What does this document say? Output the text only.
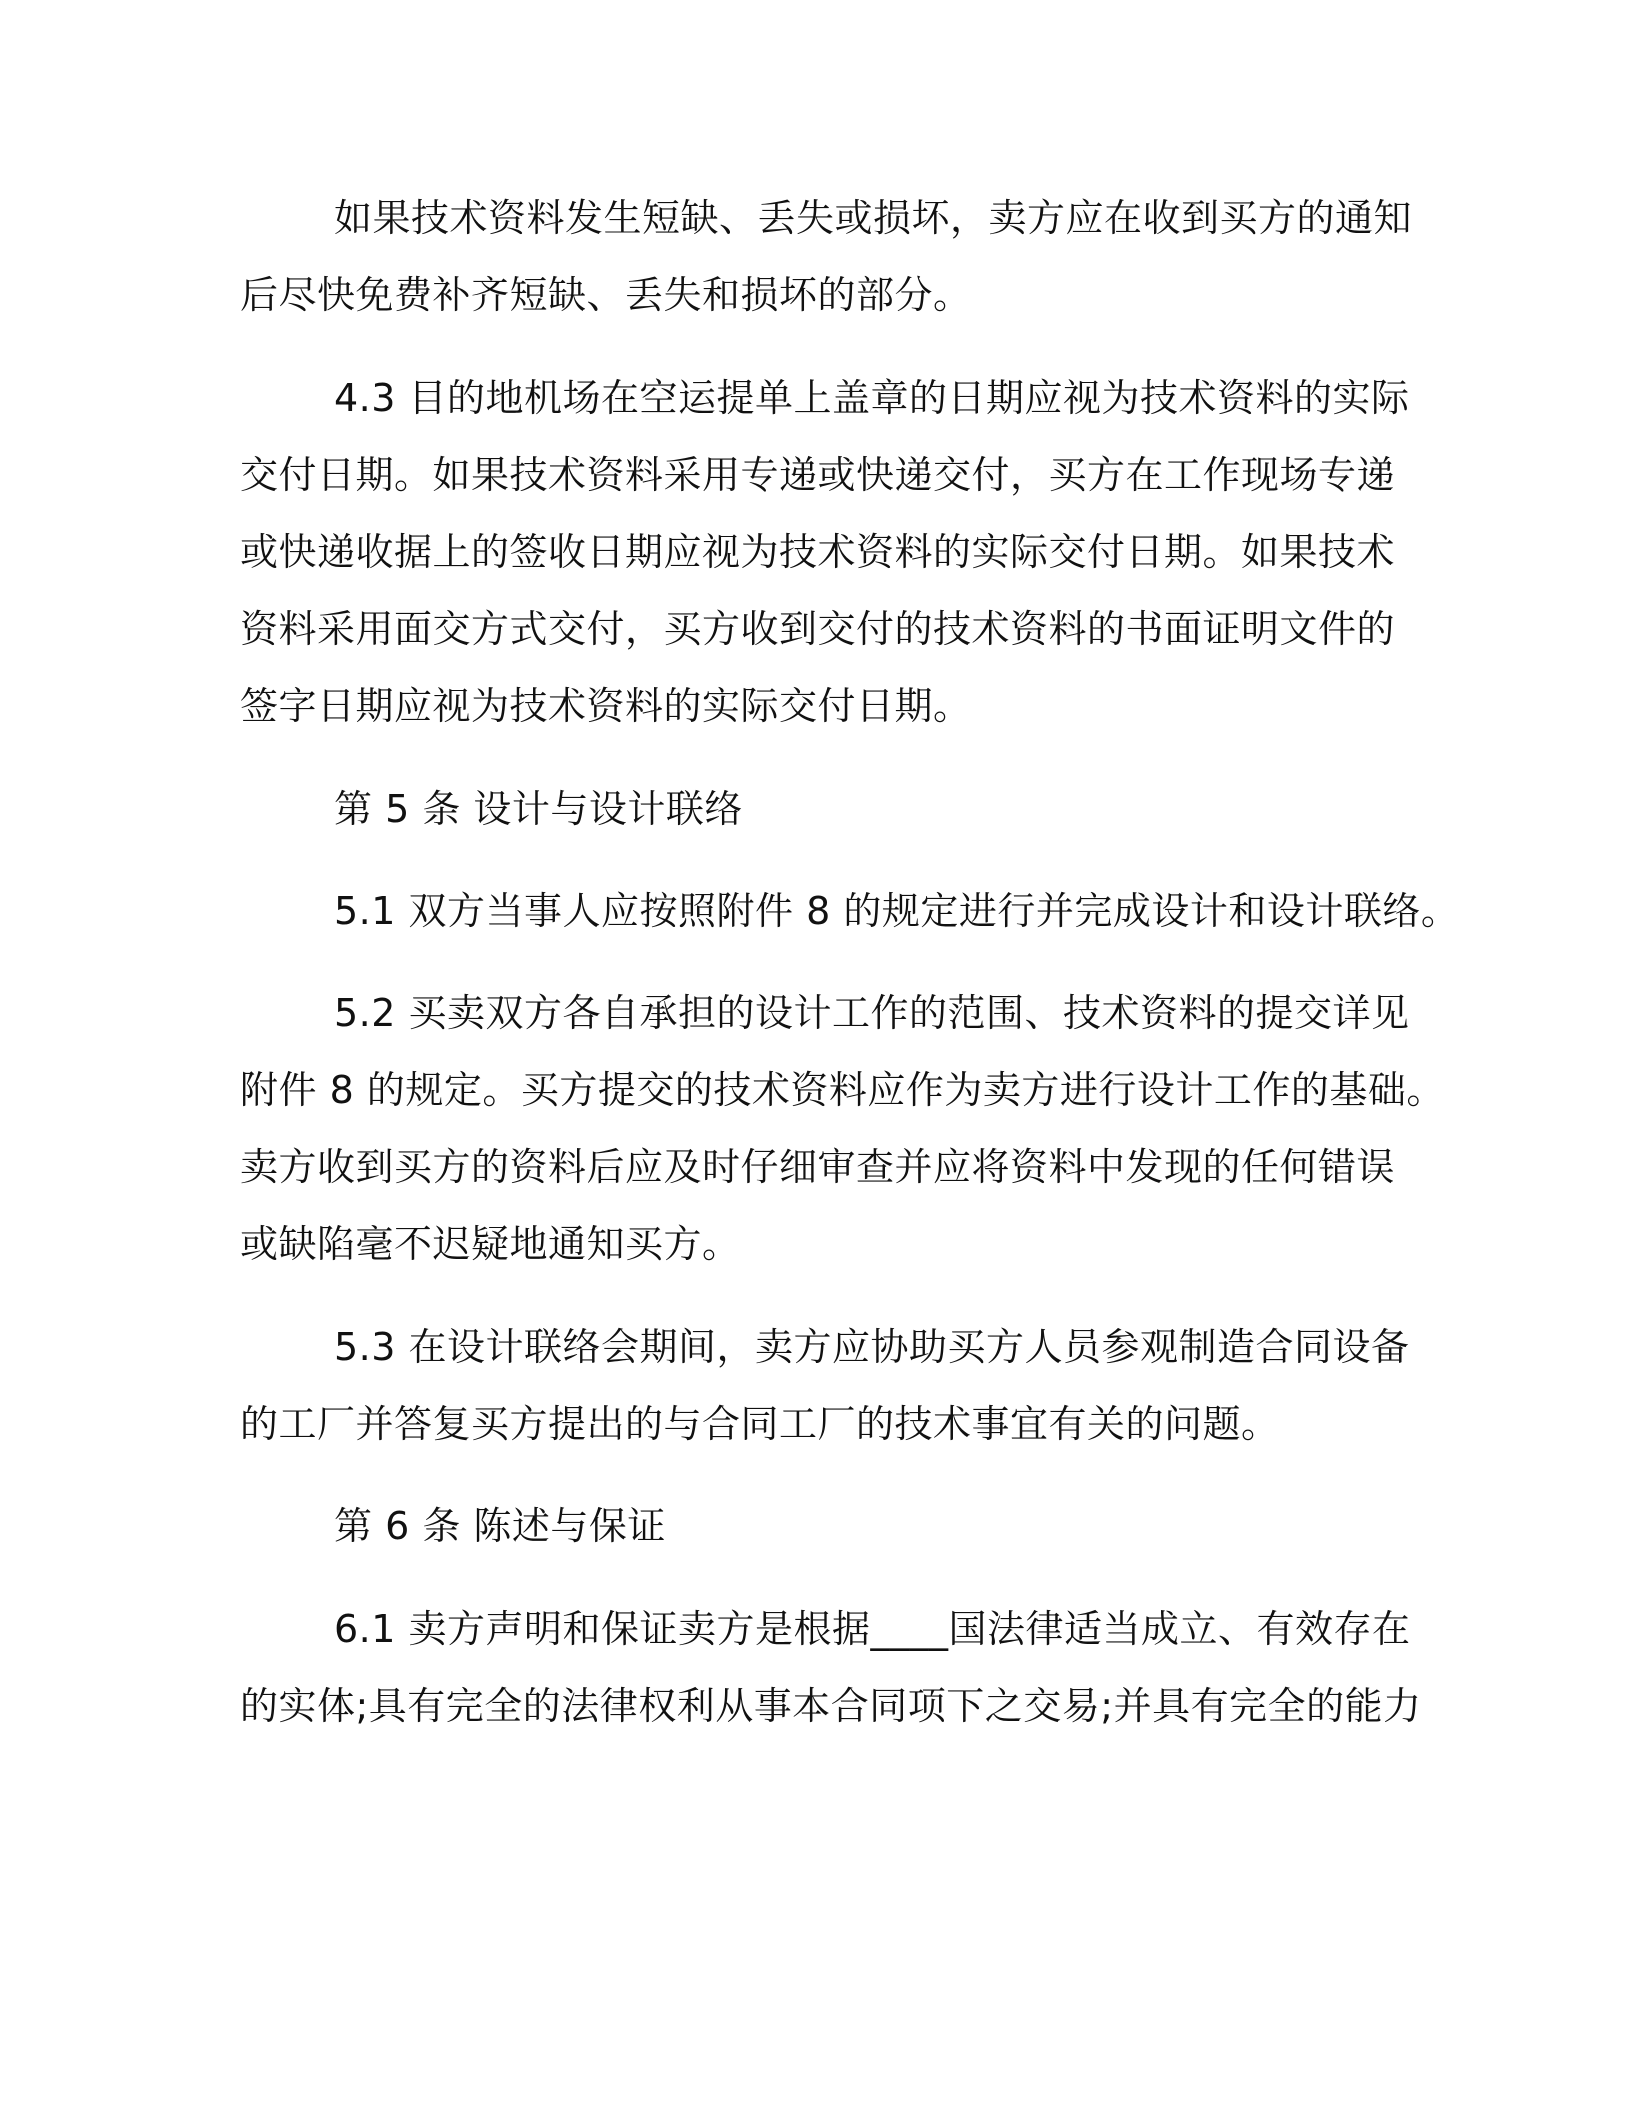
如果技术资料发生短缺、丢失或损坏，卖方应在收到买方的通知
后尽快免费补齐短缺、丢失和损坏的部分。
4.3 目的地机场在空运提单上盖章的日期应视为技术资料的实际
交付日期。如果技术资料采用专递或快递交付，买方在工作现场专递
或快递收据上的签收日期应视为技术资料的实际交付日期。如果技术
资料采用面交方式交付，买方收到交付的技术资料的书面证明文件的
签字日期应视为技术资料的实际交付日期。
第 5 条 设计与设计联络
5.1 双方当事人应按照附件 8 的规定进行并完成设计和设计联络。
5.2 买卖双方各自承担的设计工作的范围、技术资料的提交详见
附件 8 的规定。买方提交的技术资料应作为卖方进行设计工作的基础。
卖方收到买方的资料后应及时仔细审查并应将资料中发现的任何错误
或缺陷毫不迟疑地通知买方。
5.3 在设计联络会期间，卖方应协助买方人员参观制造合同设备
的工厂并答复买方提出的与合同工厂的技术事宜有关的问题。
第 6 条 陈述与保证
6.1 卖方声明和保证卖方是根据____国法律适当成立、有效存在
的实体;具有完全的法律权利从事本合同项下之交易;并具有完全的能力
